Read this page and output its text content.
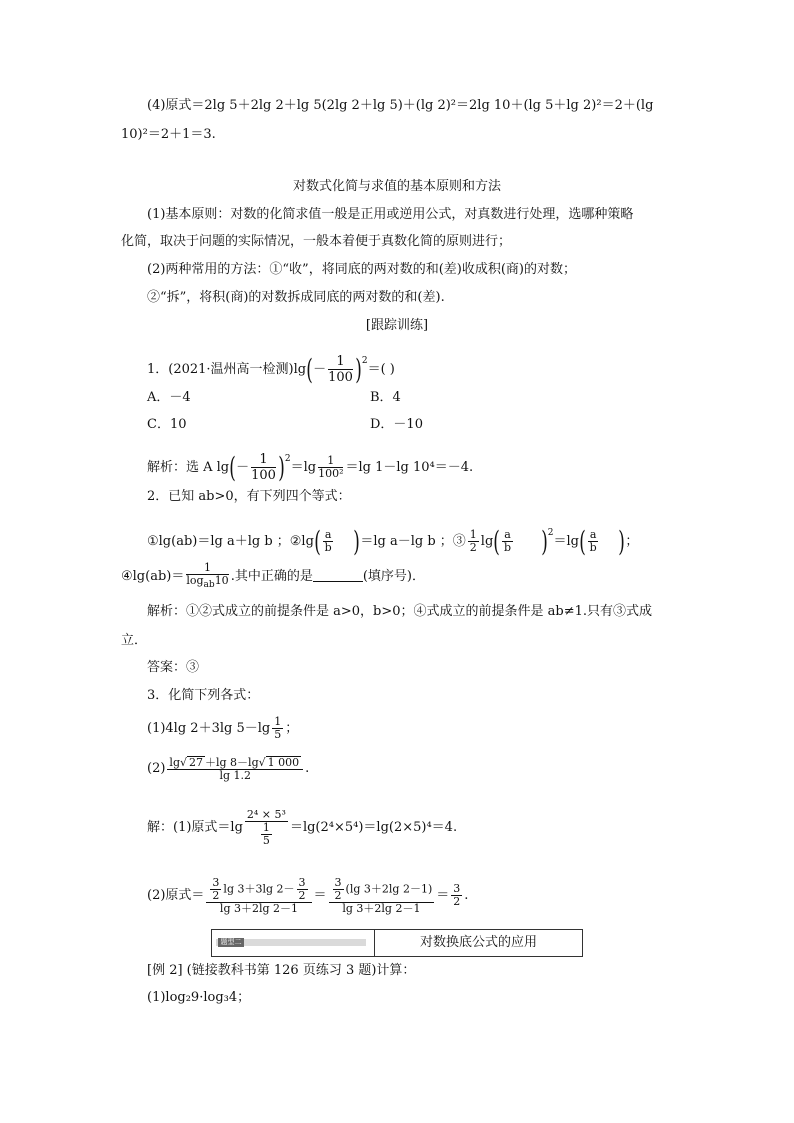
(4)原式＝2lg 5＋2lg 2＋lg 5(2lg 2＋lg 5)＋(lg 2)²＝2lg 10＋(lg 5＋lg 2)²＝2＋(lg
10)²＝2＋1＝3.
对数式化简与求值的基本原则和方法
(1)基本原则：对数的化简求值一般是正用或逆用公式，对真数进行处理，选哪种策略
化简，取决于问题的实际情况，一般本着便于真数化简的原则进行；
(2)两种常用的方法：①“收”，将同底的两对数的和(差)收成积(商)的对数；
②“拆”，将积(商)的对数拆成同底的两对数的和(差).
[跟踪训练]
1．(2021·温州高一检测)$\lg(- \frac{1}{100} )^2=$( )
A．－4	B．4
C．10	D．－10
解析：选 A $\lg(- \frac{1}{100} )^2=\lg \frac{1}{\text{100²}} =\lg$ 1－lg 10⁴＝－4.
2．已知 ab>0，有下列四个等式：
①lg(ab)＝lg a＋lg b ；②lg( $\frac{a}{b} )=\lg$ a－lg b ；③ $\frac{1}{2} \lg( \frac{a}{b} )^2=\lg( \frac{a}{b}$ )；
④lg(ab)＝ $\frac{1}{\log_{ab}10}$ .其中正确的是	(填序号)．
解析：①②式成立的前提条件是 a>0，b>0；④式成立的前提条件是 ab≠1.只有③式成
立．
答案：③
3．化简下列各式：
(1)4lg 2＋3lg $5-\lg \frac{1}{5}$ ；
$(2) \frac{\lg√ 27 +\lg 8-\lg√ 1 000}{\lg 1.2}$ .
解：(1)原式$=\lg \frac{\text{2⁴ × 5³}}{\frac{1}{5}} =\lg(2^4\times 5^4)=\lg(2\times 5)^4=4$.
(2)原式＝ $\frac{\frac{3}{2} \lg 3+3\lg 2- \frac{3}{2}}{\lg 3+2\lg 2-1} = \frac{\frac{3}{2} (\lg 3+2\lg 2-1)}{\lg 3+2\lg 2-1} = \frac{3}{2}$ .
题型二	对数换底公式的应用
[例 2] (链接教科书第 126 页练习 3 题)计算：
(1)log₂9·log₃4；
